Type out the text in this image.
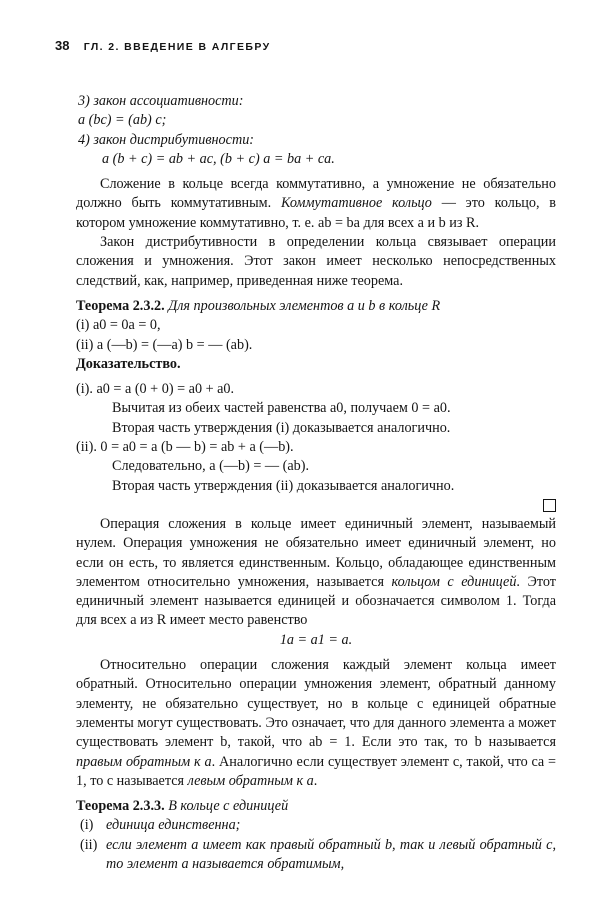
38 ГЛ. 2. ВВЕДЕНИЕ В АЛГЕБРУ
3) закон ассоциативности:
a (bc) = (ab) c;
4) закон дистрибутивности:
a (b + c) = ab + ac, (b + c) a = ba + ca.

Сложение в кольце всегда коммутативно, а умножение не обязательно должно быть коммутативным. Коммутативное кольцо — это кольцо, в котором умножение коммутативно, т. е. ab = ba для всех a и b из R.

Закон дистрибутивности в определении кольца связывает операции сложения и умножения. Этот закон имеет несколько непосредственных следствий, как, например, приведенная ниже теорема.

Теорема 2.3.2. Для произвольных элементов a и b в кольце R
(i) a0 = 0a = 0,
(ii) a (—b) = (—a) b = — (ab).
Доказательство.
(i). a0 = a (0 + 0) = a0 + a0.
Вычитая из обеих частей равенства a0, получаем 0 = a0.
Вторая часть утверждения (i) доказывается аналогично.
(ii). 0 = a0 = a (b — b) = ab + a (—b).
Следовательно, a (—b) = — (ab).
Вторая часть утверждения (ii) доказывается аналогично.

Операция сложения в кольце имеет единичный элемент, называемый нулем. Операция умножения не обязательно имеет единичный элемент, но если он есть, то является единственным. Кольцо, обладающее единственным элементом относительно умножения, называется кольцом с единицей. Этот единичный элемент называется единицей и обозначается символом 1. Тогда для всех a из R имеет место равенство

1a = a1 = a.

Относительно операции сложения каждый элемент кольца имеет обратный. Относительно операции умножения элемент, обратный данному элементу, не обязательно существует, но в кольце с единицей обратные элементы могут существовать. Это означает, что для данного элемента a может существовать элемент b, такой, что ab = 1. Если это так, то b называется правым обратным к a. Аналогично если существует элемент c, такой, что ca = 1, то c называется левым обратным к a.

Теорема 2.3.3. В кольце с единицей
(i) единица единственна;
(ii) если элемент a имеет как правый обратный b, так и левый обратный c, то элемент a называется обратимым,
